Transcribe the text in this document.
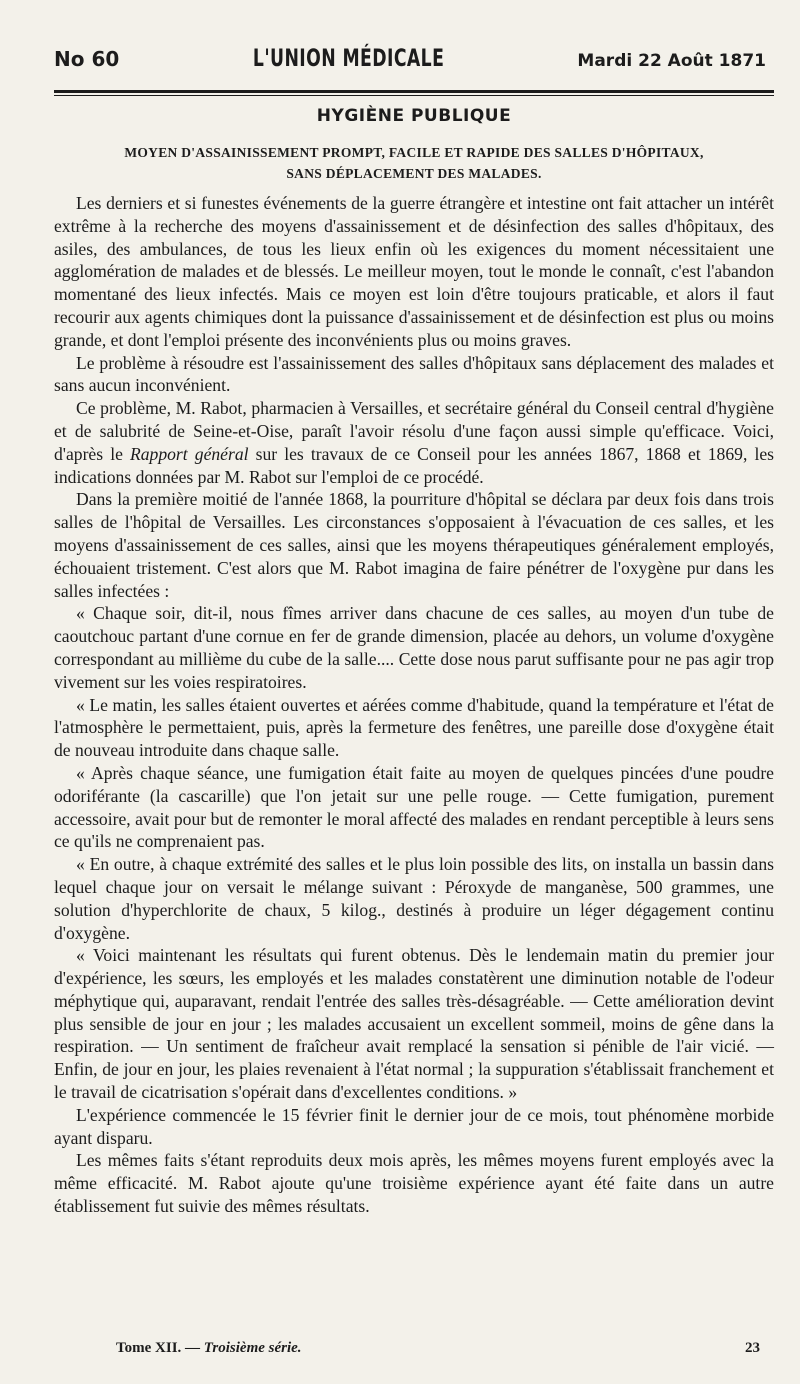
No 60	L'UNION MÉDICALE	Mardi 22 Août 1871
HYGIÈNE PUBLIQUE
MOYEN D'ASSAINISSEMENT PROMPT, FACILE ET RAPIDE DES SALLES D'HÔPITAUX,
SANS DÉPLACEMENT DES MALADES.

Les derniers et si funestes événements de la guerre étrangère et intestine ont fait attacher un intérêt extrême à la recherche des moyens d'assainissement et de désinfection des salles d'hôpitaux, des asiles, des ambulances, de tous les lieux enfin où les exigences du moment nécessitaient une agglomération de malades et de blessés. Le meilleur moyen, tout le monde le connaît, c'est l'abandon momentané des lieux infectés. Mais ce moyen est loin d'être toujours praticable, et alors il faut recourir aux agents chimiques dont la puissance d'assainissement et de désinfection est plus ou moins grande, et dont l'emploi présente des inconvénients plus ou moins graves.

Le problème à résoudre est l'assainissement des salles d'hôpitaux sans déplacement des malades et sans aucun inconvénient.

Ce problème, M. Rabot, pharmacien à Versailles, et secrétaire général du Conseil central d'hygiène et de salubrité de Seine-et-Oise, paraît l'avoir résolu d'une façon aussi simple qu'efficace. Voici, d'après le Rapport général sur les travaux de ce Conseil pour les années 1867, 1868 et 1869, les indications données par M. Rabot sur l'emploi de ce procédé.

Dans la première moitié de l'année 1868, la pourriture d'hôpital se déclara par deux fois dans trois salles de l'hôpital de Versailles. Les circonstances s'opposaient à l'évacuation de ces salles, et les moyens d'assainissement de ces salles, ainsi que les moyens thérapeutiques généralement employés, échouaient tristement. C'est alors que M. Rabot imagina de faire pénétrer de l'oxygène pur dans les salles infectées :

« Chaque soir, dit-il, nous fîmes arriver dans chacune de ces salles, au moyen d'un tube de caoutchouc partant d'une cornue en fer de grande dimension, placée au dehors, un volume d'oxygène correspondant au millième du cube de la salle.... Cette dose nous parut suffisante pour ne pas agir trop vivement sur les voies respiratoires.

« Le matin, les salles étaient ouvertes et aérées comme d'habitude, quand la température et l'état de l'atmosphère le permettaient, puis, après la fermeture des fenêtres, une pareille dose d'oxygène était de nouveau introduite dans chaque salle.

« Après chaque séance, une fumigation était faite au moyen de quelques pincées d'une poudre odoriférante (la cascarille) que l'on jetait sur une pelle rouge. — Cette fumigation, purement accessoire, avait pour but de remonter le moral affecté des malades en rendant perceptible à leurs sens ce qu'ils ne comprenaient pas.

« En outre, à chaque extrémité des salles et le plus loin possible des lits, on installa un bassin dans lequel chaque jour on versait le mélange suivant : Péroxyde de manganèse, 500 grammes, une solution d'hyperchlorite de chaux, 5 kilog., destinés à produire un léger dégagement continu d'oxygène.

« Voici maintenant les résultats qui furent obtenus. Dès le lendemain matin du premier jour d'expérience, les sœurs, les employés et les malades constatèrent une diminution notable de l'odeur méphytique qui, auparavant, rendait l'entrée des salles très-désagréable. — Cette amélioration devint plus sensible de jour en jour ; les malades accusaient un excellent sommeil, moins de gêne dans la respiration. — Un sentiment de fraîcheur avait remplacé la sensation si pénible de l'air vicié. — Enfin, de jour en jour, les plaies revenaient à l'état normal ; la suppuration s'établissait franchement et le travail de cicatrisation s'opérait dans d'excellentes conditions. »

L'expérience commencée le 15 février finit le dernier jour de ce mois, tout phénomène morbide ayant disparu.

Les mêmes faits s'étant reproduits deux mois après, les mêmes moyens furent employés avec la même efficacité. M. Rabot ajoute qu'une troisième expérience ayant été faite dans un autre établissement fut suivie des mêmes résultats.

Tome XII. — Troisième série.	23
